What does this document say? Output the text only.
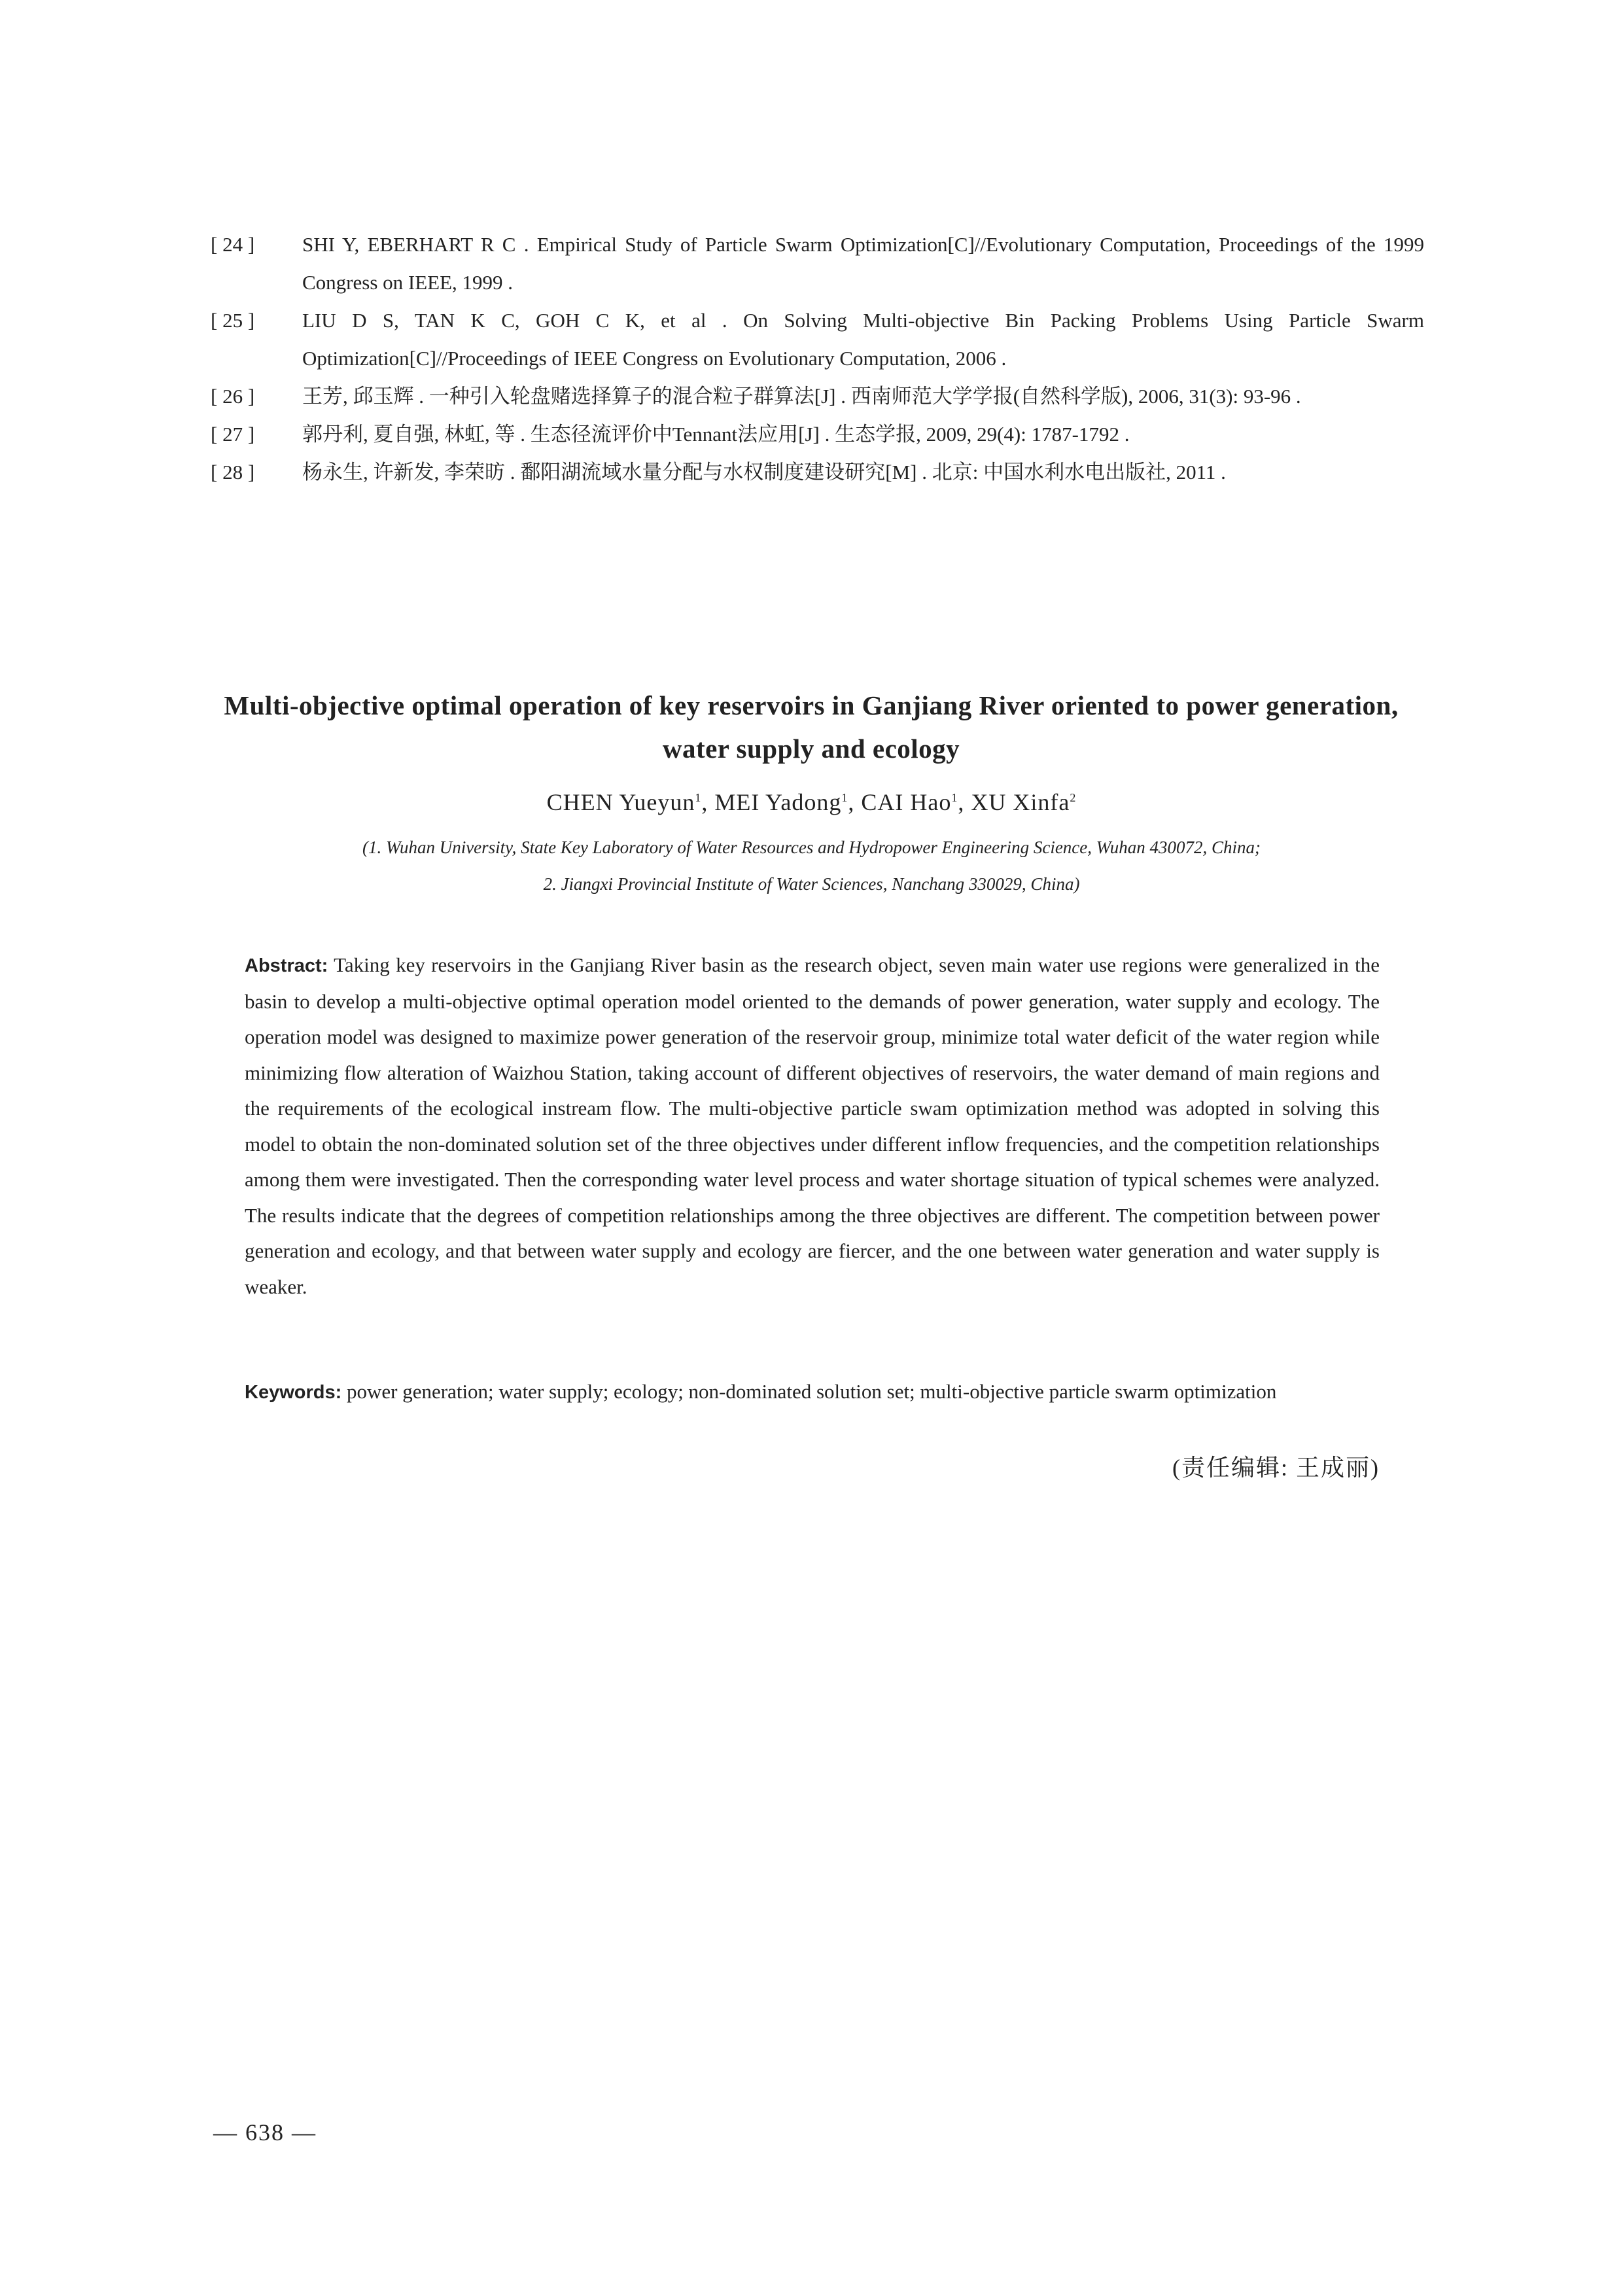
[ 24 ]	SHI Y, EBERHART R C . Empirical Study of Particle Swarm Optimization[C]//Evolutionary Computation, Proceedings of the 1999 Congress on IEEE, 1999 .
[ 25 ]	LIU D S, TAN K C, GOH C K, et al . On Solving Multi-objective Bin Packing Problems Using Particle Swarm Optimization[C]//Proceedings of IEEE Congress on Evolutionary Computation, 2006 .
[ 26 ]	王芳, 邱玉辉 . 一种引入轮盘赌选择算子的混合粒子群算法[J] . 西南师范大学学报(自然科学版), 2006, 31(3): 93-96 .
[ 27 ]	郭丹利, 夏自强, 林虹, 等 . 生态径流评价中Tennant法应用[J] . 生态学报, 2009, 29(4): 1787-1792 .
[ 28 ]	杨永生, 许新发, 李荣昉 . 鄱阳湖流域水量分配与水权制度建设研究[M] . 北京: 中国水利水电出版社, 2011 .
Multi-objective optimal operation of key reservoirs in Ganjiang River oriented to power generation, water supply and ecology
CHEN Yueyun$^1$, MEI Yadong$^1$, CAI Hao$^1$, XU Xinfa$^2$
(1. Wuhan University, State Key Laboratory of Water Resources and Hydropower Engineering Science, Wuhan 430072, China;
2. Jiangxi Provincial Institute of Water Sciences, Nanchang 330029, China)
Abstract: Taking key reservoirs in the Ganjiang River basin as the research object, seven main water use regions were generalized in the basin to develop a multi-objective optimal operation model oriented to the demands of power generation, water supply and ecology. The operation model was designed to maximize power generation of the reservoir group, minimize total water deficit of the water region while minimizing flow alteration of Waizhou Station, taking account of different objectives of reservoirs, the water demand of main regions and the requirements of the ecological instream flow. The multi-objective particle swam optimization method was adopted in solving this model to obtain the non-dominated solution set of the three objectives under different inflow frequencies, and the competition relationships among them were investigated. Then the corresponding water level process and water shortage situation of typical schemes were analyzed. The results indicate that the degrees of competition relationships among the three objectives are different. The competition between power generation and ecology, and that between water supply and ecology are fiercer, and the one between water generation and water supply is weaker.
Keywords: power generation; water supply; ecology; non-dominated solution set; multi-objective particle swarm optimization
(责任编辑: 王成丽)
— 638 —
